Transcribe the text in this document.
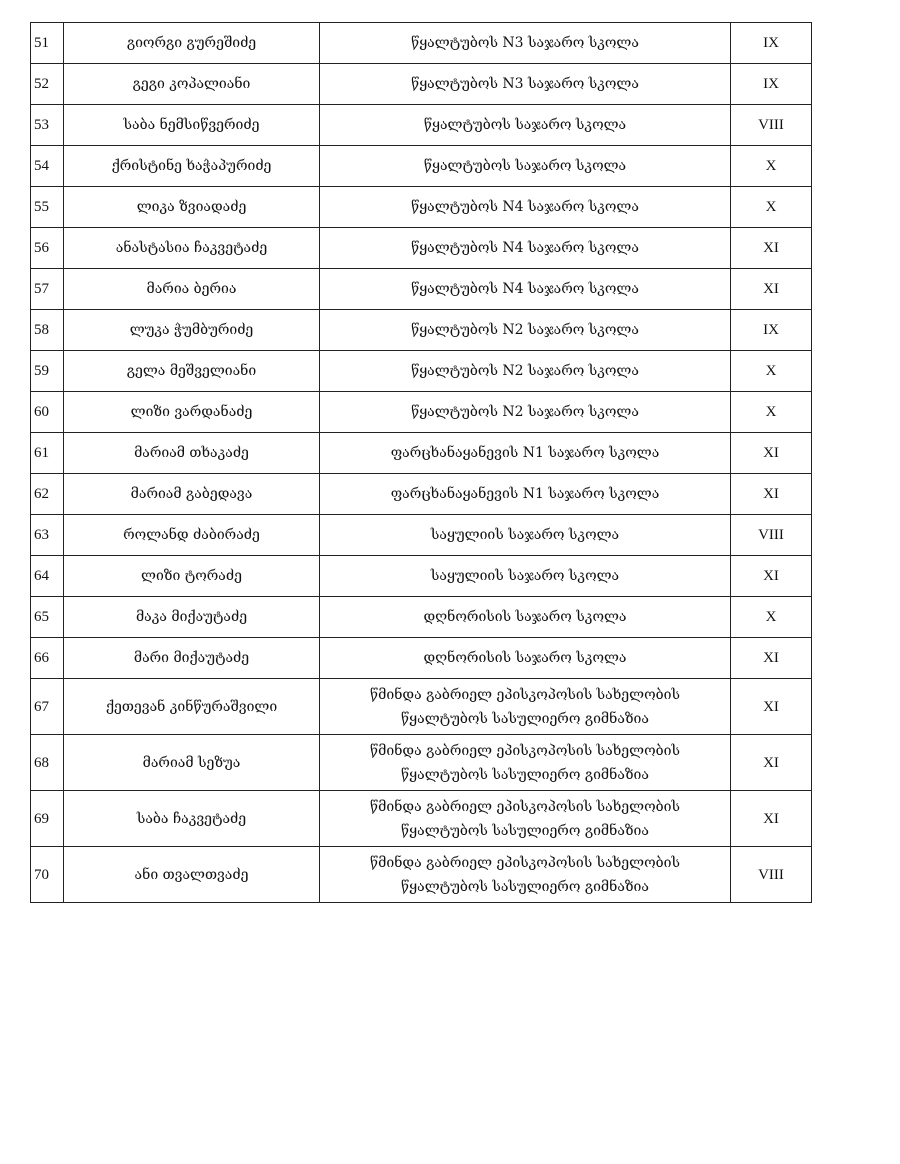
51	გიორგი გურეშიძე	წყალტუბოს N3 საჯარო სკოლა	IX
52	გეგი კოპალიანი	წყალტუბოს N3 საჯარო სკოლა	IX
53	საბა ნემსიწვერიძე	წყალტუბოს საჯარო სკოლა	VIII
54	ქრისტინე ხაჭაპურიძე	წყალტუბოს საჯარო სკოლა	X
55	ლიკა ზვიადაძე	წყალტუბოს N4 საჯარო სკოლა	X
56	ანასტასია ჩაკვეტაძე	წყალტუბოს N4 საჯარო სკოლა	XI
57	მარია ბერია	წყალტუბოს N4 საჯარო სკოლა	XI
58	ლუკა ჭუმბურიძე	წყალტუბოს N2 საჯარო სკოლა	IX
59	გელა მეშველიანი	წყალტუბოს N2 საჯარო სკოლა	X
60	ლიზი ვარდანაძე	წყალტუბოს N2 საჯარო სკოლა	X
61	მარიამ თხაკაძე	ფარცხანაყანევის N1 საჯარო სკოლა	XI
62	მარიამ გაბედავა	ფარცხანაყანევის N1 საჯარო სკოლა	XI
63	როლანდ ძაბირაძე	საყულიის საჯარო სკოლა	VIII
64	ლიზი ტორაძე	საყულიის საჯარო სკოლა	XI
65	მაკა მიქაუტაძე	დღნორისის საჯარო სკოლა	X
66	მარი მიქაუტაძე	დღნორისის საჯარო სკოლა	XI
67	ქეთევან კინწურაშვილი	წმინდა გაბრიელ ეპისკოპოსის სახელობის
წყალტუბოს სასულიერო გიმნაზია	XI
68	მარიამ სეზუა	წმინდა გაბრიელ ეპისკოპოსის სახელობის
წყალტუბოს სასულიერო გიმნაზია	XI
69	საბა ჩაკვეტაძე	წმინდა გაბრიელ ეპისკოპოსის სახელობის
წყალტუბოს სასულიერო გიმნაზია	XI
70	ანი თვალთვაძე	წმინდა გაბრიელ ეპისკოპოსის სახელობის
წყალტუბოს სასულიერო გიმნაზია	VIII
